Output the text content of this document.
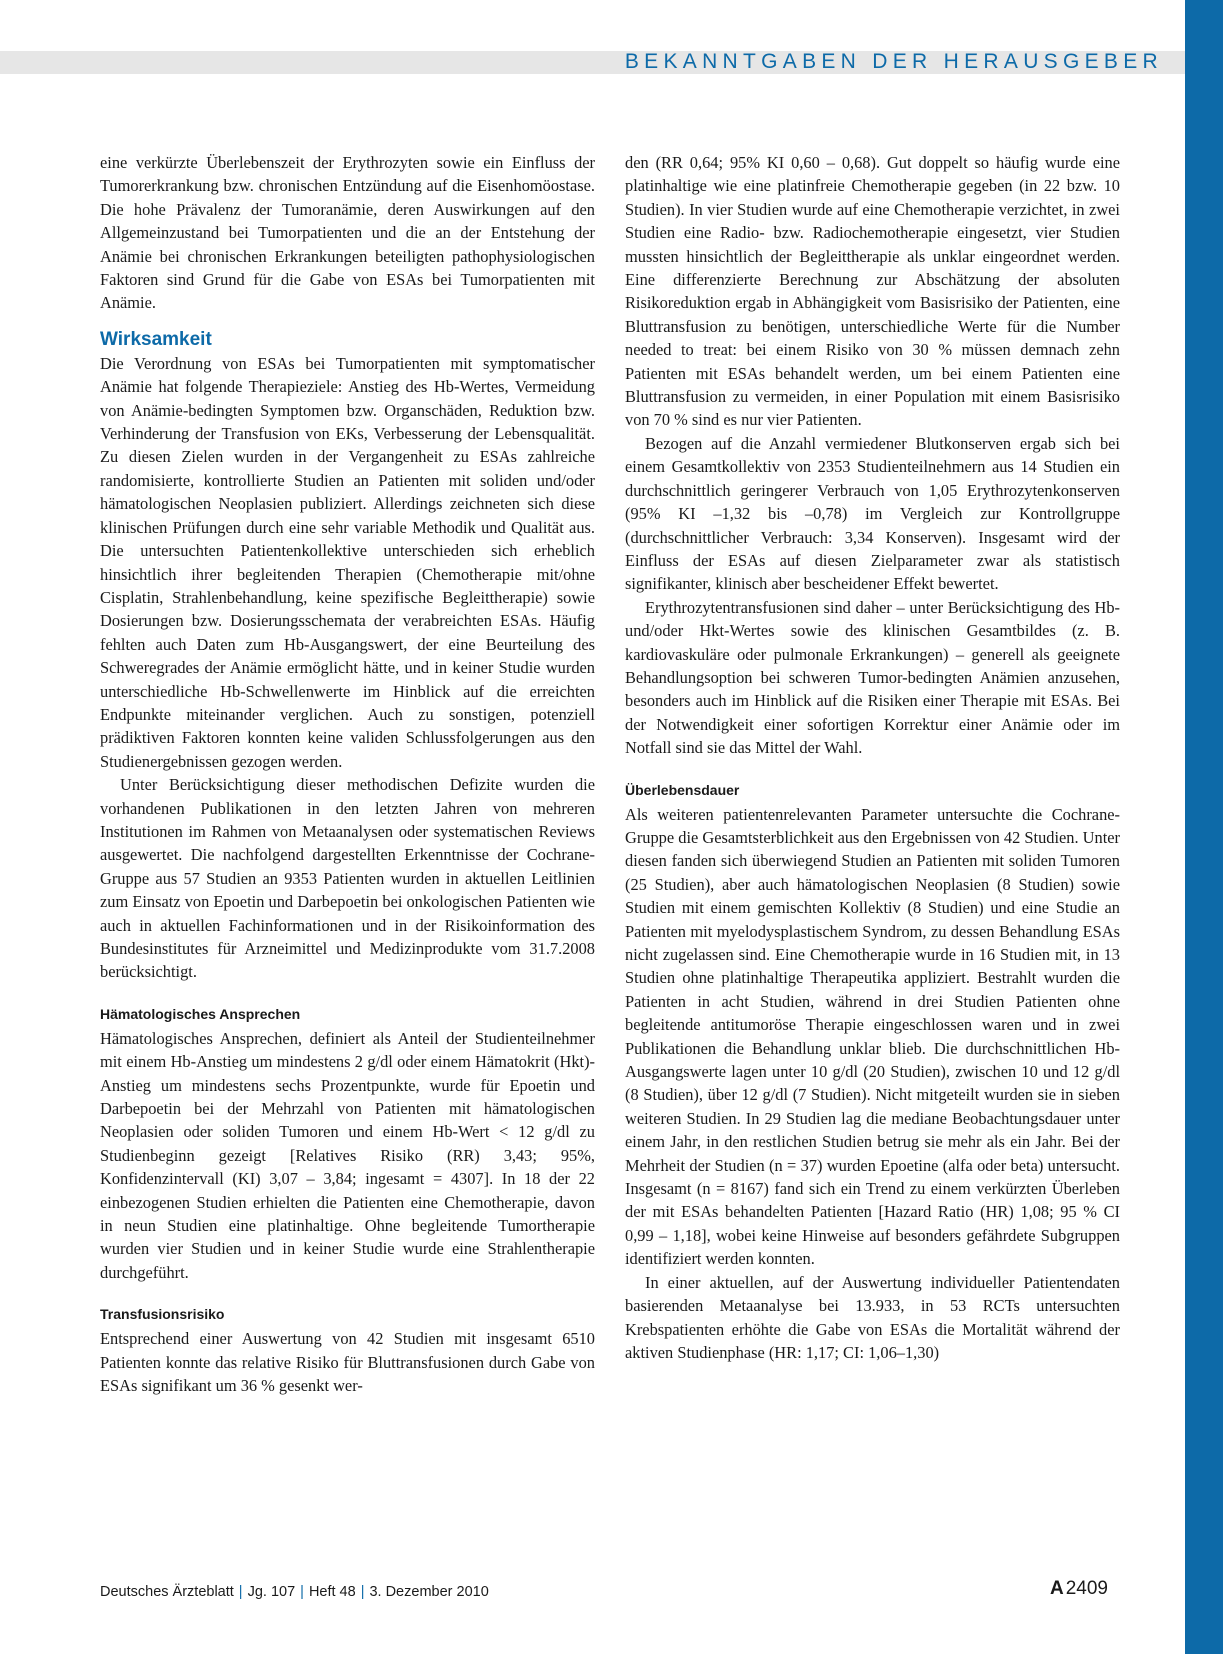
BEKANNTGABEN DER HERAUSGEBER

eine verkürzte Überlebenszeit der Erythrozyten sowie ein Einfluss der Tumorerkrankung bzw. chronischen Entzündung auf die Eisenhomöostase. Die hohe Prävalenz der Tumoranämie, deren Auswirkungen auf den Allgemeinzustand bei Tumorpatienten und die an der Entstehung der Anämie bei chronischen Erkrankungen beteiligten pathophysiologischen Faktoren sind Grund für die Gabe von ESAs bei Tumorpatienten mit Anämie.

Wirksamkeit

Die Verordnung von ESAs bei Tumorpatienten mit symptomatischer Anämie hat folgende Therapieziele: Anstieg des Hb-Wertes, Vermeidung von Anämie-bedingten Symptomen bzw. Organschäden, Reduktion bzw. Verhinderung der Transfusion von EKs, Verbesserung der Lebensqualität. Zu diesen Zielen wurden in der Vergangenheit zu ESAs zahlreiche randomisierte, kontrollierte Studien an Patienten mit soliden und/oder hämatologischen Neoplasien publiziert. Allerdings zeichneten sich diese klinischen Prüfungen durch eine sehr variable Methodik und Qualität aus. Die untersuchten Patientenkollektive unterschieden sich erheblich hinsichtlich ihrer begleitenden Therapien (Chemotherapie mit/ohne Cisplatin, Strahlenbehandlung, keine spezifische Begleittherapie) sowie Dosierungen bzw. Dosierungsschemata der verabreichten ESAs. Häufig fehlten auch Daten zum Hb-Ausgangswert, der eine Beurteilung des Schweregrades der Anämie ermöglicht hätte, und in keiner Studie wurden unterschiedliche Hb-Schwellenwerte im Hinblick auf die erreichten Endpunkte miteinander verglichen. Auch zu sonstigen, potenziell prädiktiven Faktoren konnten keine validen Schlussfolgerungen aus den Studienergebnissen gezogen werden.

Unter Berücksichtigung dieser methodischen Defizite wurden die vorhandenen Publikationen in den letzten Jahren von mehreren Institutionen im Rahmen von Metaanalysen oder systematischen Reviews ausgewertet. Die nachfolgend dargestellten Erkenntnisse der Cochrane-Gruppe aus 57 Studien an 9353 Patienten wurden in aktuellen Leitlinien zum Einsatz von Epoetin und Darbepoetin bei onkologischen Patienten wie auch in aktuellen Fachinformationen und in der Risikoinformation des Bundesinstitutes für Arzneimittel und Medizinprodukte vom 31.7.2008 berücksichtigt.

Hämatologisches Ansprechen

Hämatologisches Ansprechen, definiert als Anteil der Studienteilnehmer mit einem Hb-Anstieg um mindestens 2 g/dl oder einem Hämatokrit (Hkt)-Anstieg um mindestens sechs Prozentpunkte, wurde für Epoetin und Darbepoetin bei der Mehrzahl von Patienten mit hämatologischen Neoplasien oder soliden Tumoren und einem Hb-Wert < 12 g/dl zu Studienbeginn gezeigt [Relatives Risiko (RR) 3,43; 95%, Konfidenzintervall (KI) 3,07 – 3,84; ingesamt = 4307]. In 18 der 22 einbezogenen Studien erhielten die Patienten eine Chemotherapie, davon in neun Studien eine platinhaltige. Ohne begleitende Tumortherapie wurden vier Studien und in keiner Studie wurde eine Strahlentherapie durchgeführt.

Transfusionsrisiko

Entsprechend einer Auswertung von 42 Studien mit insgesamt 6510 Patienten konnte das relative Risiko für Bluttransfusionen durch Gabe von ESAs signifikant um 36 % gesenkt wer-

den (RR 0,64; 95% KI 0,60 – 0,68). Gut doppelt so häufig wurde eine platinhaltige wie eine platinfreie Chemotherapie gegeben (in 22 bzw. 10 Studien). In vier Studien wurde auf eine Chemotherapie verzichtet, in zwei Studien eine Radio- bzw. Radiochemotherapie eingesetzt, vier Studien mussten hinsichtlich der Begleittherapie als unklar eingeordnet werden. Eine differenzierte Berechnung zur Abschätzung der absoluten Risikoreduktion ergab in Abhängigkeit vom Basisrisiko der Patienten, eine Bluttransfusion zu benötigen, unterschiedliche Werte für die Number needed to treat: bei einem Risiko von 30 % müssen demnach zehn Patienten mit ESAs behandelt werden, um bei einem Patienten eine Bluttransfusion zu vermeiden, in einer Population mit einem Basisrisiko von 70 % sind es nur vier Patienten.

Bezogen auf die Anzahl vermiedener Blutkonserven ergab sich bei einem Gesamtkollektiv von 2353 Studienteilnehmern aus 14 Studien ein durchschnittlich geringerer Verbrauch von 1,05 Erythrozytenkonserven (95% KI –1,32 bis –0,78) im Vergleich zur Kontrollgruppe (durchschnittlicher Verbrauch: 3,34 Konserven). Insgesamt wird der Einfluss der ESAs auf diesen Zielparameter zwar als statistisch signifikanter, klinisch aber bescheidener Effekt bewertet.

Erythrozytentransfusionen sind daher – unter Berücksichtigung des Hb- und/oder Hkt-Wertes sowie des klinischen Gesamtbildes (z. B. kardiovaskuläre oder pulmonale Erkrankungen) – generell als geeignete Behandlungsoption bei schweren Tumor-bedingten Anämien anzusehen, besonders auch im Hinblick auf die Risiken einer Therapie mit ESAs. Bei der Notwendigkeit einer sofortigen Korrektur einer Anämie oder im Notfall sind sie das Mittel der Wahl.

Überlebensdauer

Als weiteren patientenrelevanten Parameter untersuchte die Cochrane-Gruppe die Gesamtsterblichkeit aus den Ergebnissen von 42 Studien. Unter diesen fanden sich überwiegend Studien an Patienten mit soliden Tumoren (25 Studien), aber auch hämatologischen Neoplasien (8 Studien) sowie Studien mit einem gemischten Kollektiv (8 Studien) und eine Studie an Patienten mit myelodysplastischem Syndrom, zu dessen Behandlung ESAs nicht zugelassen sind. Eine Chemotherapie wurde in 16 Studien mit, in 13 Studien ohne platinhaltige Therapeutika appliziert. Bestrahlt wurden die Patienten in acht Studien, während in drei Studien Patienten ohne begleitende antitumoröse Therapie eingeschlossen waren und in zwei Publikationen die Behandlung unklar blieb. Die durchschnittlichen Hb-Ausgangswerte lagen unter 10 g/dl (20 Studien), zwischen 10 und 12 g/dl (8 Studien), über 12 g/dl (7 Studien). Nicht mitgeteilt wurden sie in sieben weiteren Studien. In 29 Studien lag die mediane Beobachtungsdauer unter einem Jahr, in den restlichen Studien betrug sie mehr als ein Jahr. Bei der Mehrheit der Studien (n = 37) wurden Epoetine (alfa oder beta) untersucht. Insgesamt (n = 8167) fand sich ein Trend zu einem verkürzten Überleben der mit ESAs behandelten Patienten [Hazard Ratio (HR) 1,08; 95 % CI 0,99 – 1,18], wobei keine Hinweise auf besonders gefährdete Subgruppen identifiziert werden konnten.

In einer aktuellen, auf der Auswertung individueller Patientendaten basierenden Metaanalyse bei 13.933, in 53 RCTs untersuchten Krebspatienten erhöhte die Gabe von ESAs die Mortalität während der aktiven Studienphase (HR: 1,17; CI: 1,06–1,30)

Deutsches Ärzteblatt | Jg. 107 | Heft 48 | 3. Dezember 2010	A 2409
